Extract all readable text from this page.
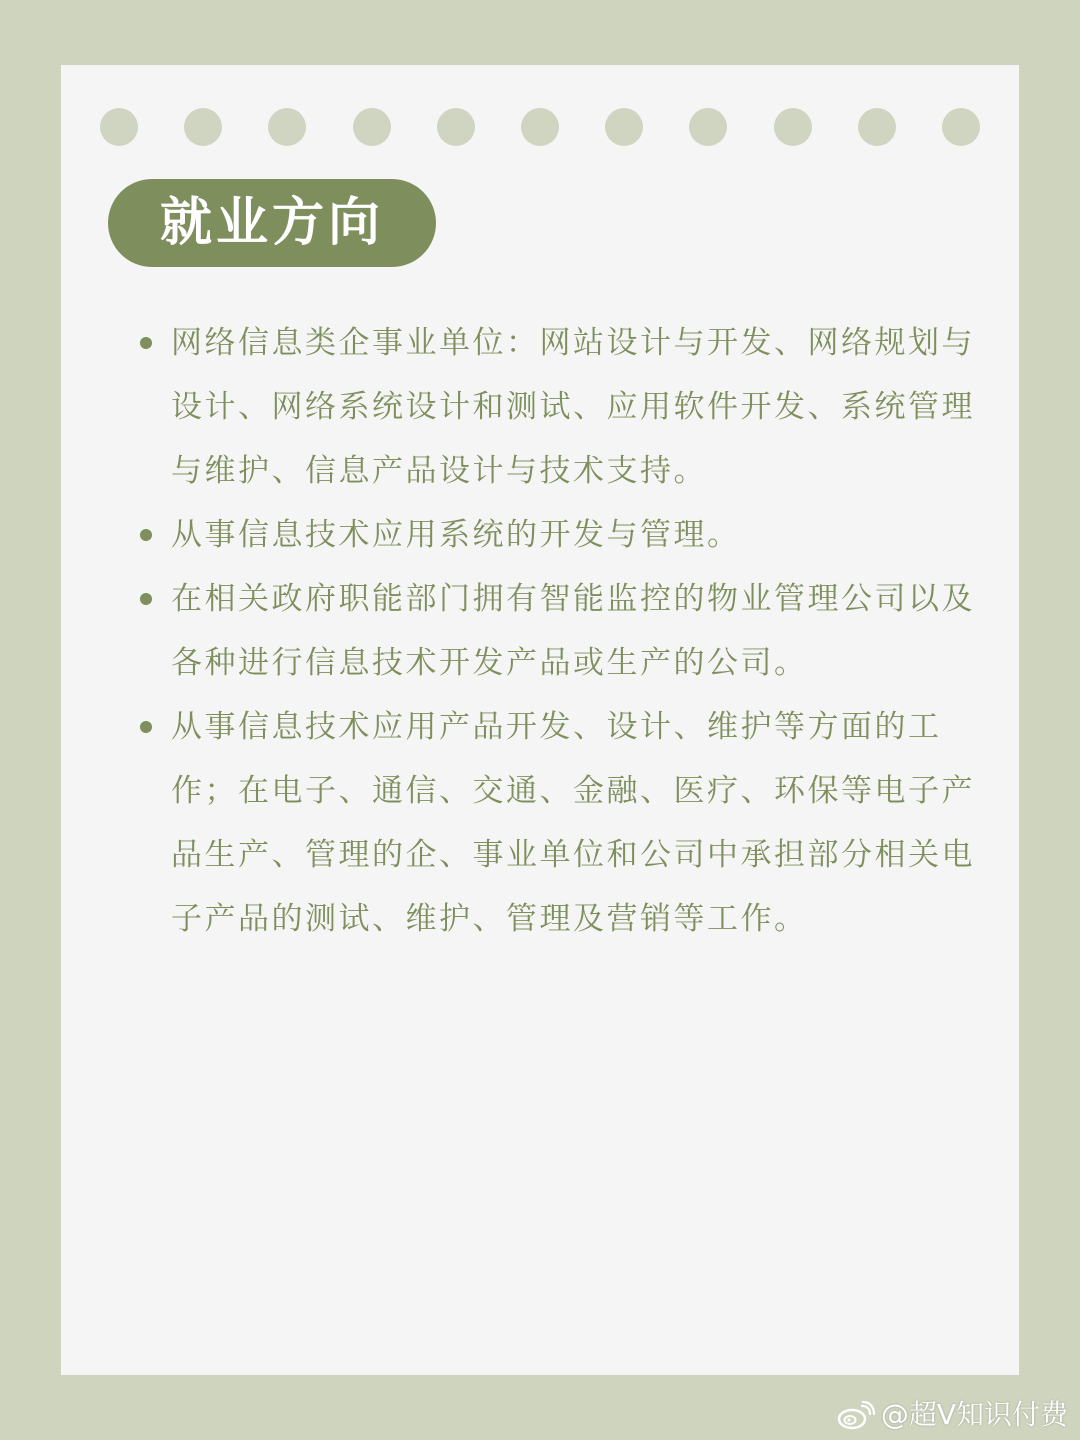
就业方向
网络信息类企事业单位：网站设计与开发、网络规划与设计、网络系统设计和测试、应用软件开发、系统管理与维护、信息产品设计与技术支持。
从事信息技术应用系统的开发与管理。
在相关政府职能部门拥有智能监控的物业管理公司以及各种进行信息技术开发产品或生产的公司。
从事信息技术应用产品开发、设计、维护等方面的工作；在电子、通信、交通、金融、医疗、环保等电子产品生产、管理的企、事业单位和公司中承担部分相关电子产品的测试、维护、管理及营销等工作。
@超V知识付费
